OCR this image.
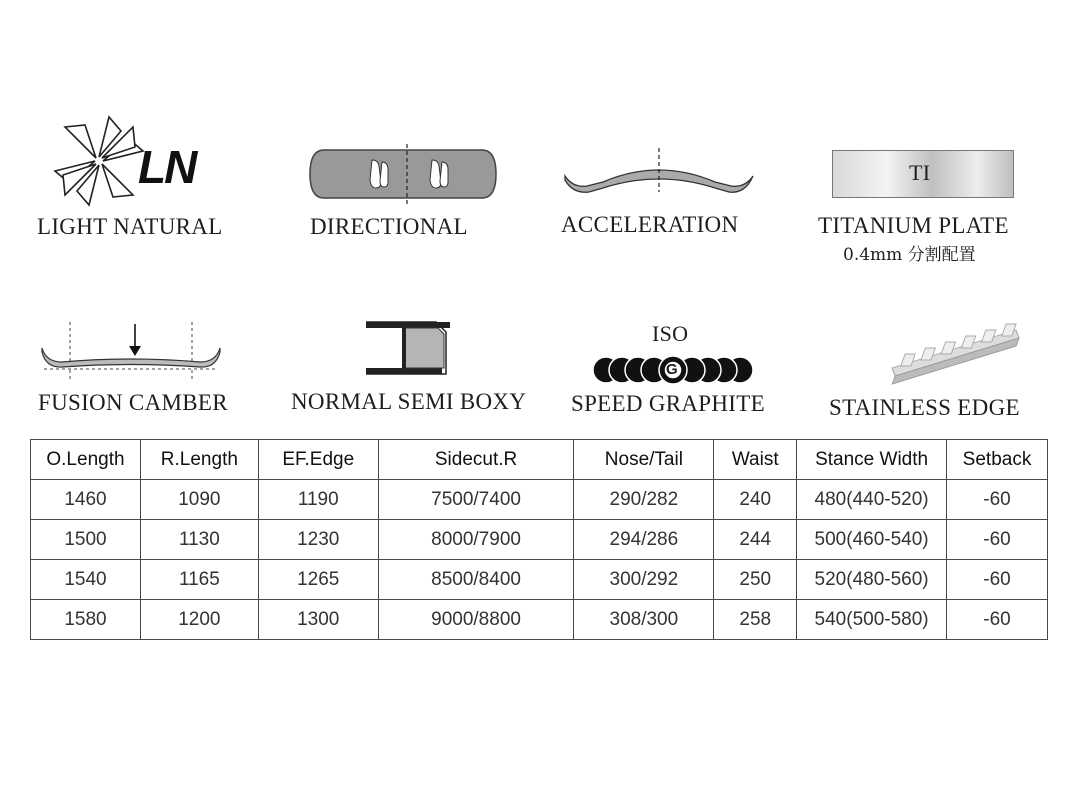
LN
LIGHT NATURAL	DIRECTIONAL	ACCELERATION
TI
TITANIUM PLATE
0.4mm 分割配置
FUSION CAMBER	NORMAL SEMI BOXY
ISO
G
SPEED GRAPHITE	STAINLESS EDGE
O.Length	R.Length	EF.Edge	Sidecut.R	Nose/Tail	Waist	Stance Width	Setback
1460	1090	1190	7500/7400	290/282	240	480(440-520)	-60
1500	1130	1230	8000/7900	294/286	244	500(460-540)	-60
1540	1165	1265	8500/8400	300/292	250	520(480-560)	-60
1580	1200	1300	9000/8800	308/300	258	540(500-580)	-60
